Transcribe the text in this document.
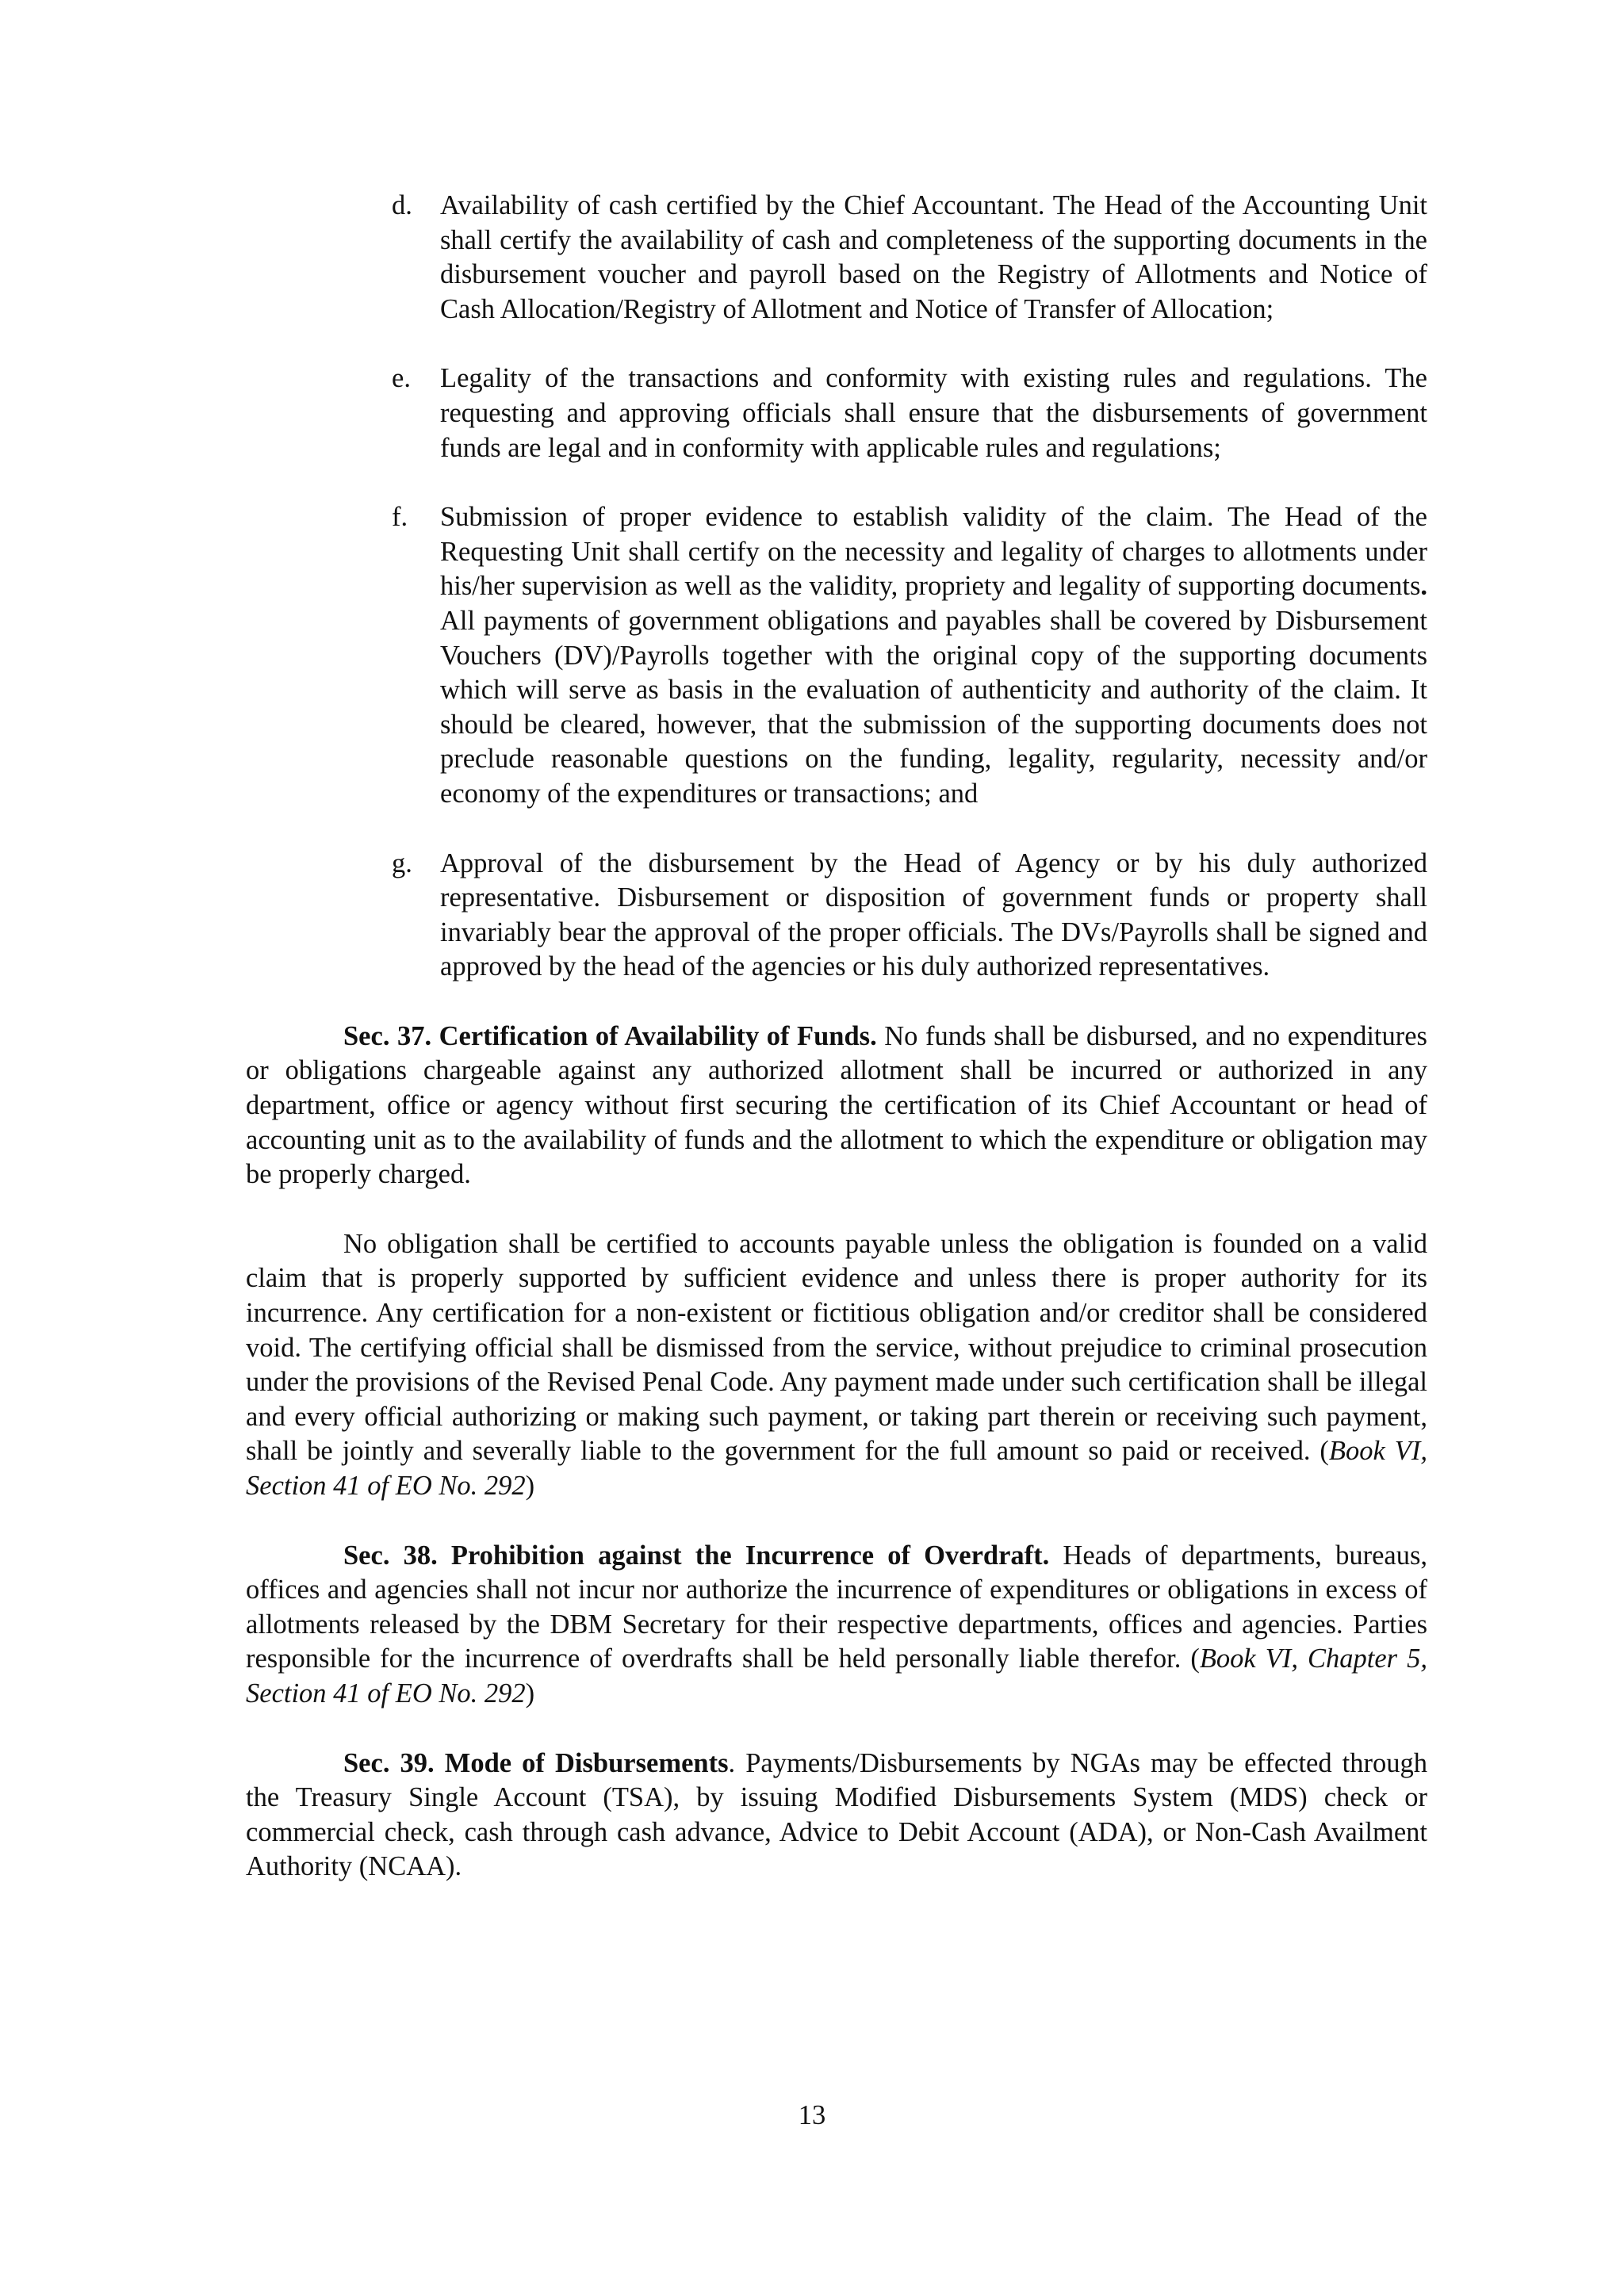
d. Availability of cash certified by the Chief Accountant. The Head of the Accounting Unit shall certify the availability of cash and completeness of the supporting documents in the disbursement voucher and payroll based on the Registry of Allotments and Notice of Cash Allocation/Registry of Allotment and Notice of Transfer of Allocation;
e. Legality of the transactions and conformity with existing rules and regulations. The requesting and approving officials shall ensure that the disbursements of government funds are legal and in conformity with applicable rules and regulations;
f. Submission of proper evidence to establish validity of the claim. The Head of the Requesting Unit shall certify on the necessity and legality of charges to allotments under his/her supervision as well as the validity, propriety and legality of supporting documents. All payments of government obligations and payables shall be covered by Disbursement Vouchers (DV)/Payrolls together with the original copy of the supporting documents which will serve as basis in the evaluation of authenticity and authority of the claim. It should be cleared, however, that the submission of the supporting documents does not preclude reasonable questions on the funding, legality, regularity, necessity and/or economy of the expenditures or transactions; and
g. Approval of the disbursement by the Head of Agency or by his duly authorized representative. Disbursement or disposition of government funds or property shall invariably bear the approval of the proper officials. The DVs/Payrolls shall be signed and approved by the head of the agencies or his duly authorized representatives.

Sec. 37. Certification of Availability of Funds. No funds shall be disbursed, and no expenditures or obligations chargeable against any authorized allotment shall be incurred or authorized in any department, office or agency without first securing the certification of its Chief Accountant or head of accounting unit as to the availability of funds and the allotment to which the expenditure or obligation may be properly charged.

No obligation shall be certified to accounts payable unless the obligation is founded on a valid claim that is properly supported by sufficient evidence and unless there is proper authority for its incurrence. Any certification for a non-existent or fictitious obligation and/or creditor shall be considered void. The certifying official shall be dismissed from the service, without prejudice to criminal prosecution under the provisions of the Revised Penal Code. Any payment made under such certification shall be illegal and every official authorizing or making such payment, or taking part therein or receiving such payment, shall be jointly and severally liable to the government for the full amount so paid or received. (Book VI, Section 41 of EO No. 292)

Sec. 38. Prohibition against the Incurrence of Overdraft. Heads of departments, bureaus, offices and agencies shall not incur nor authorize the incurrence of expenditures or obligations in excess of allotments released by the DBM Secretary for their respective departments, offices and agencies. Parties responsible for the incurrence of overdrafts shall be held personally liable therefor. (Book VI, Chapter 5, Section 41 of EO No. 292)

Sec. 39. Mode of Disbursements. Payments/Disbursements by NGAs may be effected through the Treasury Single Account (TSA), by issuing Modified Disbursements System (MDS) check or commercial check, cash through cash advance, Advice to Debit Account (ADA), or Non-Cash Availment Authority (NCAA).

13
